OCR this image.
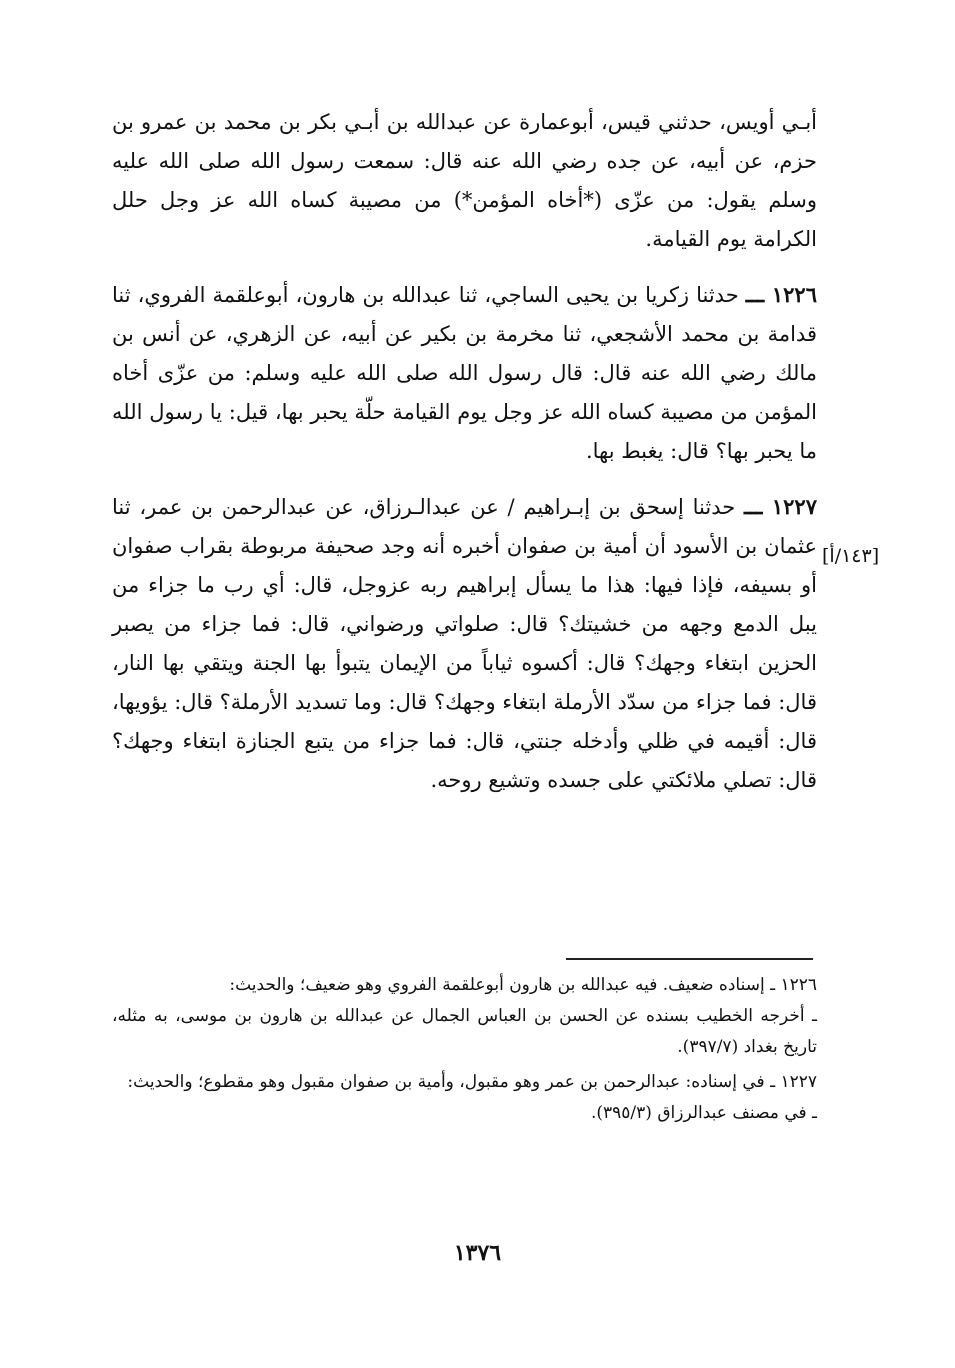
أبـي أويس، حدثني قيس، أبوعمارة عن عبدالله بن أبـي بكر بن محمد بن عمرو بن حزم، عن أبيه، عن جده رضي الله عنه قال: سمعت رسول الله صلى الله عليه وسلم يقول: من عزّى (*أخاه المؤمن*) من مصيبة كساه الله عز وجل حلل الكرامة يوم القيامة.

١٢٢٦ ـــ حدثنا زكريا بن يحيى الساجي، ثنا عبدالله بن هارون، أبوعلقمة الفروي، ثنا قدامة بن محمد الأشجعي، ثنا مخرمة بن بكير عن أبيه، عن الزهري، عن أنس بن مالك رضي الله عنه قال: قال رسول الله صلى الله عليه وسلم: من عزّى أخاه المؤمن من مصيبة كساه الله عز وجل يوم القيامة حلّة يحبر بها، قيل: يا رسول الله ما يحبر بها؟ قال: يغبط بها.

١٢٢٧ ـــ حدثنا إسحق بن إبـراهيم / عن عبدالـرزاق، عن عبدالرحمن بن عمر، ثنا عثمان بن الأسود أن أمية بن صفوان أخبره أنه وجد صحيفة مربوطة بقراب صفوان أو بسيفه، فإذا فيها: هذا ما يسأل إبراهيم ربه عزوجل، قال: أي رب ما جزاء من يبل الدمع وجهه من خشيتك؟ قال: صلواتي ورضواني، قال: فما جزاء من يصبر الحزين ابتغاء وجهك؟ قال: أكسوه ثياباً من الإيمان يتبوأ بها الجنة ويتقي بها النار، قال: فما جزاء من سدّد الأرملة ابتغاء وجهك؟ قال: وما تسديد الأرملة؟ قال: يؤويها، قال: أقيمه في ظلي وأدخله جنتي، قال: فما جزاء من يتبع الجنازة ابتغاء وجهك؟ قال: تصلي ملائكتي على جسده وتشيع روحه.

[١٤٣/أ]

١٢٢٦ ـ إسناده ضعيف. فيه عبدالله بن هارون أبوعلقمة الفروي وهو ضعيف؛ والحديث:

ـ أخرجه الخطيب بسنده عن الحسن بن العباس الجمال عن عبدالله بن هارون بن موسى، به مثله، تاريخ بغداد (٣٩٧/٧).

١٢٢٧ ـ في إسناده: عبدالرحمن بن عمر وهو مقبول، وأمية بن صفوان مقبول وهو مقطوع؛ والحديث:

ـ في مصنف عبدالرزاق (٣٩٥/٣).

١٣٧٦
